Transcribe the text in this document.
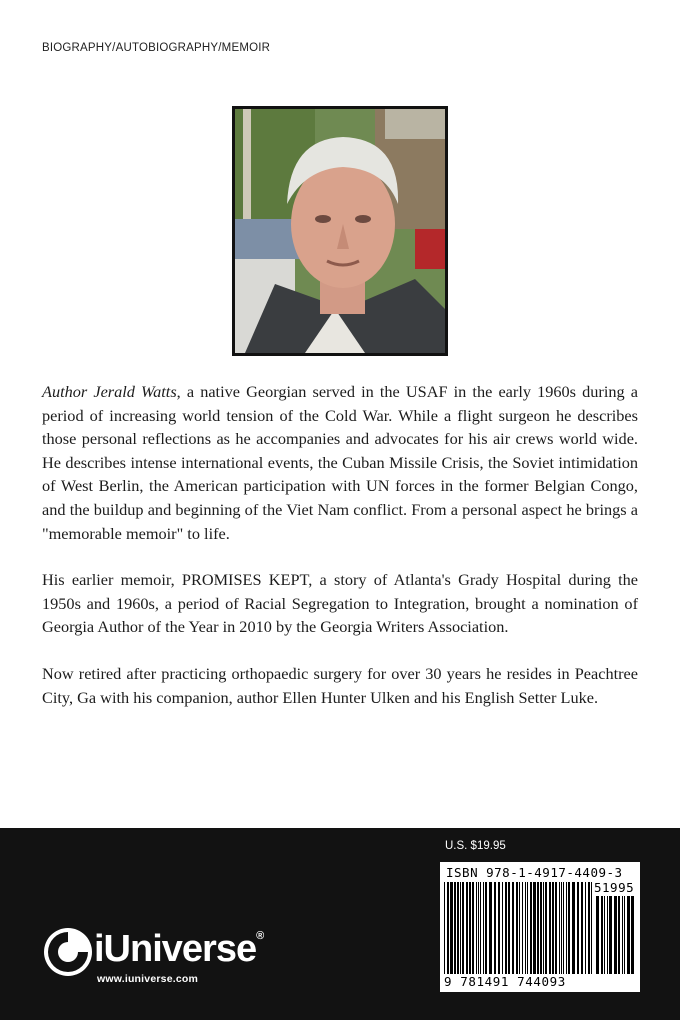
BIOGRAPHY/AUTOBIOGRAPHY/MEMOIR

Author Jerald Watts, a native Georgian served in the USAF in the early 1960s during a period of increasing world tension of the Cold War. While a flight surgeon he describes those personal reflections as he accompanies and advocates for his air crews world wide. He describes intense international events, the Cuban Missile Crisis, the Soviet intimidation of West Berlin, the American participation with UN forces in the former Belgian Congo, and the buildup and beginning of the Viet Nam conflict. From a personal aspect he brings a "memorable memoir" to life.

His earlier memoir, PROMISES KEPT, a story of Atlanta's Grady Hospital during the 1950s and 1960s, a period of Racial Segregation to Integration, brought a nomination of Georgia Author of the Year in 2010 by the Georgia Writers Association.

Now retired after practicing orthopaedic surgery for over 30 years he resides in Peachtree City, Ga with his companion, author Ellen Hunter Ulken and his English Setter Luke.

iUniverse®
www.iuniverse.com
U.S. $19.95
ISBN 978-1-4917-4409-3
51995
9 781491 744093
